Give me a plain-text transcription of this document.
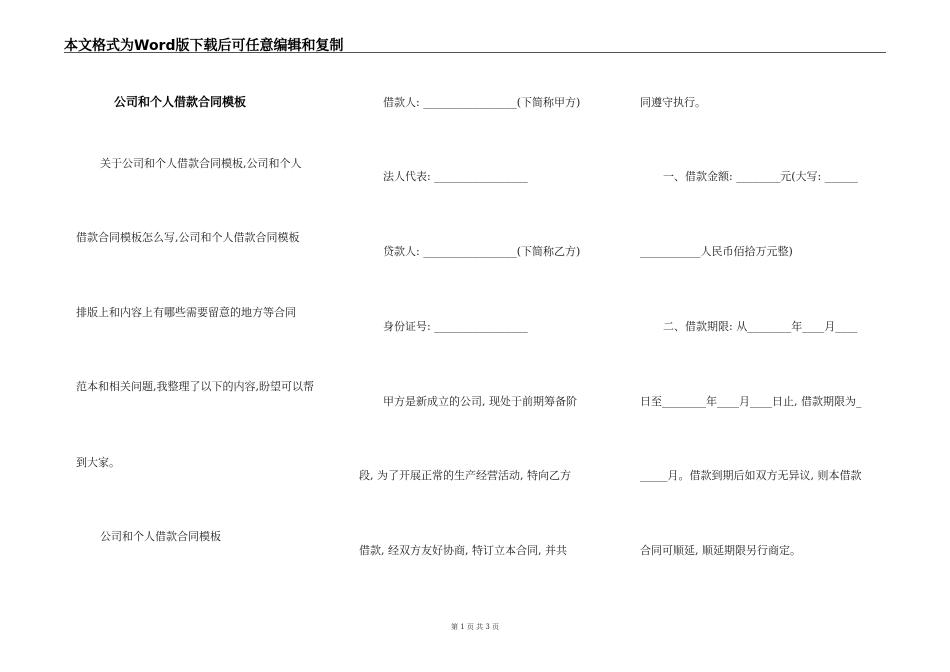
本文格式为Word版下载后可任意编辑和复制
公司和个人借款合同模板
关于公司和个人借款合同模板,公司和个人
借款合同模板怎么写,公司和个人借款合同模板
排版上和内容上有哪些需要留意的地方等合同
范本和相关问题,我整理了以下的内容,盼望可以帮
到大家。
公司和个人借款合同模板
借款人: _________________(下简称甲方)
法人代表: _________________
贷款人: _________________(下简称乙方)
身份证号: _________________
甲方是新成立的公司, 现处于前期筹备阶
段, 为了开展正常的生产经营活动, 特向乙方
借款, 经双方友好协商, 特订立本合同, 并共
同遵守执行。
一、借款金额: ________元(大写: ______
___________人民币佰拾万元整)
二、借款期限: 从________年____月____
日至________年____月____日止, 借款期限为_
_____月。借款到期后如双方无异议, 则本借款
合同可顺延, 顺延期限另行商定。
第 1 页 共 3 页
